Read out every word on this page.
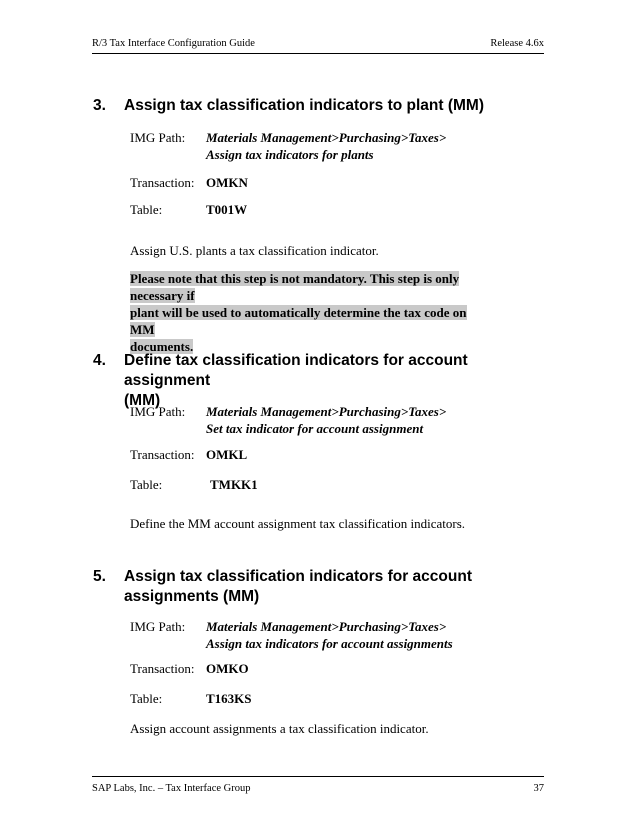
R/3 Tax Interface Configuration Guide	Release 4.6x
3.	Assign tax classification indicators to plant (MM)
IMG Path:	Materials Management>Purchasing>Taxes>
Assign tax indicators for plants
Transaction: OMKN
Table:	T001W
Assign U.S. plants a tax classification indicator.
Please note that this step is not mandatory. This step is only necessary if
plant will be used to automatically determine the tax code on MM
documents.
4.	Define tax classification indicators for account assignment
(MM)
IMG Path:	Materials Management>Purchasing>Taxes>
Set tax indicator for account assignment
Transaction: OMKL
Table:	TMKK1
Define the MM account assignment tax classification indicators.
5.	Assign tax classification indicators for account
assignments (MM)
IMG Path:	Materials Management>Purchasing>Taxes>
Assign tax indicators for account assignments
Transaction: OMKO
Table:	T163KS
Assign account assignments a tax classification indicator.
SAP Labs, Inc. – Tax Interface Group	37
